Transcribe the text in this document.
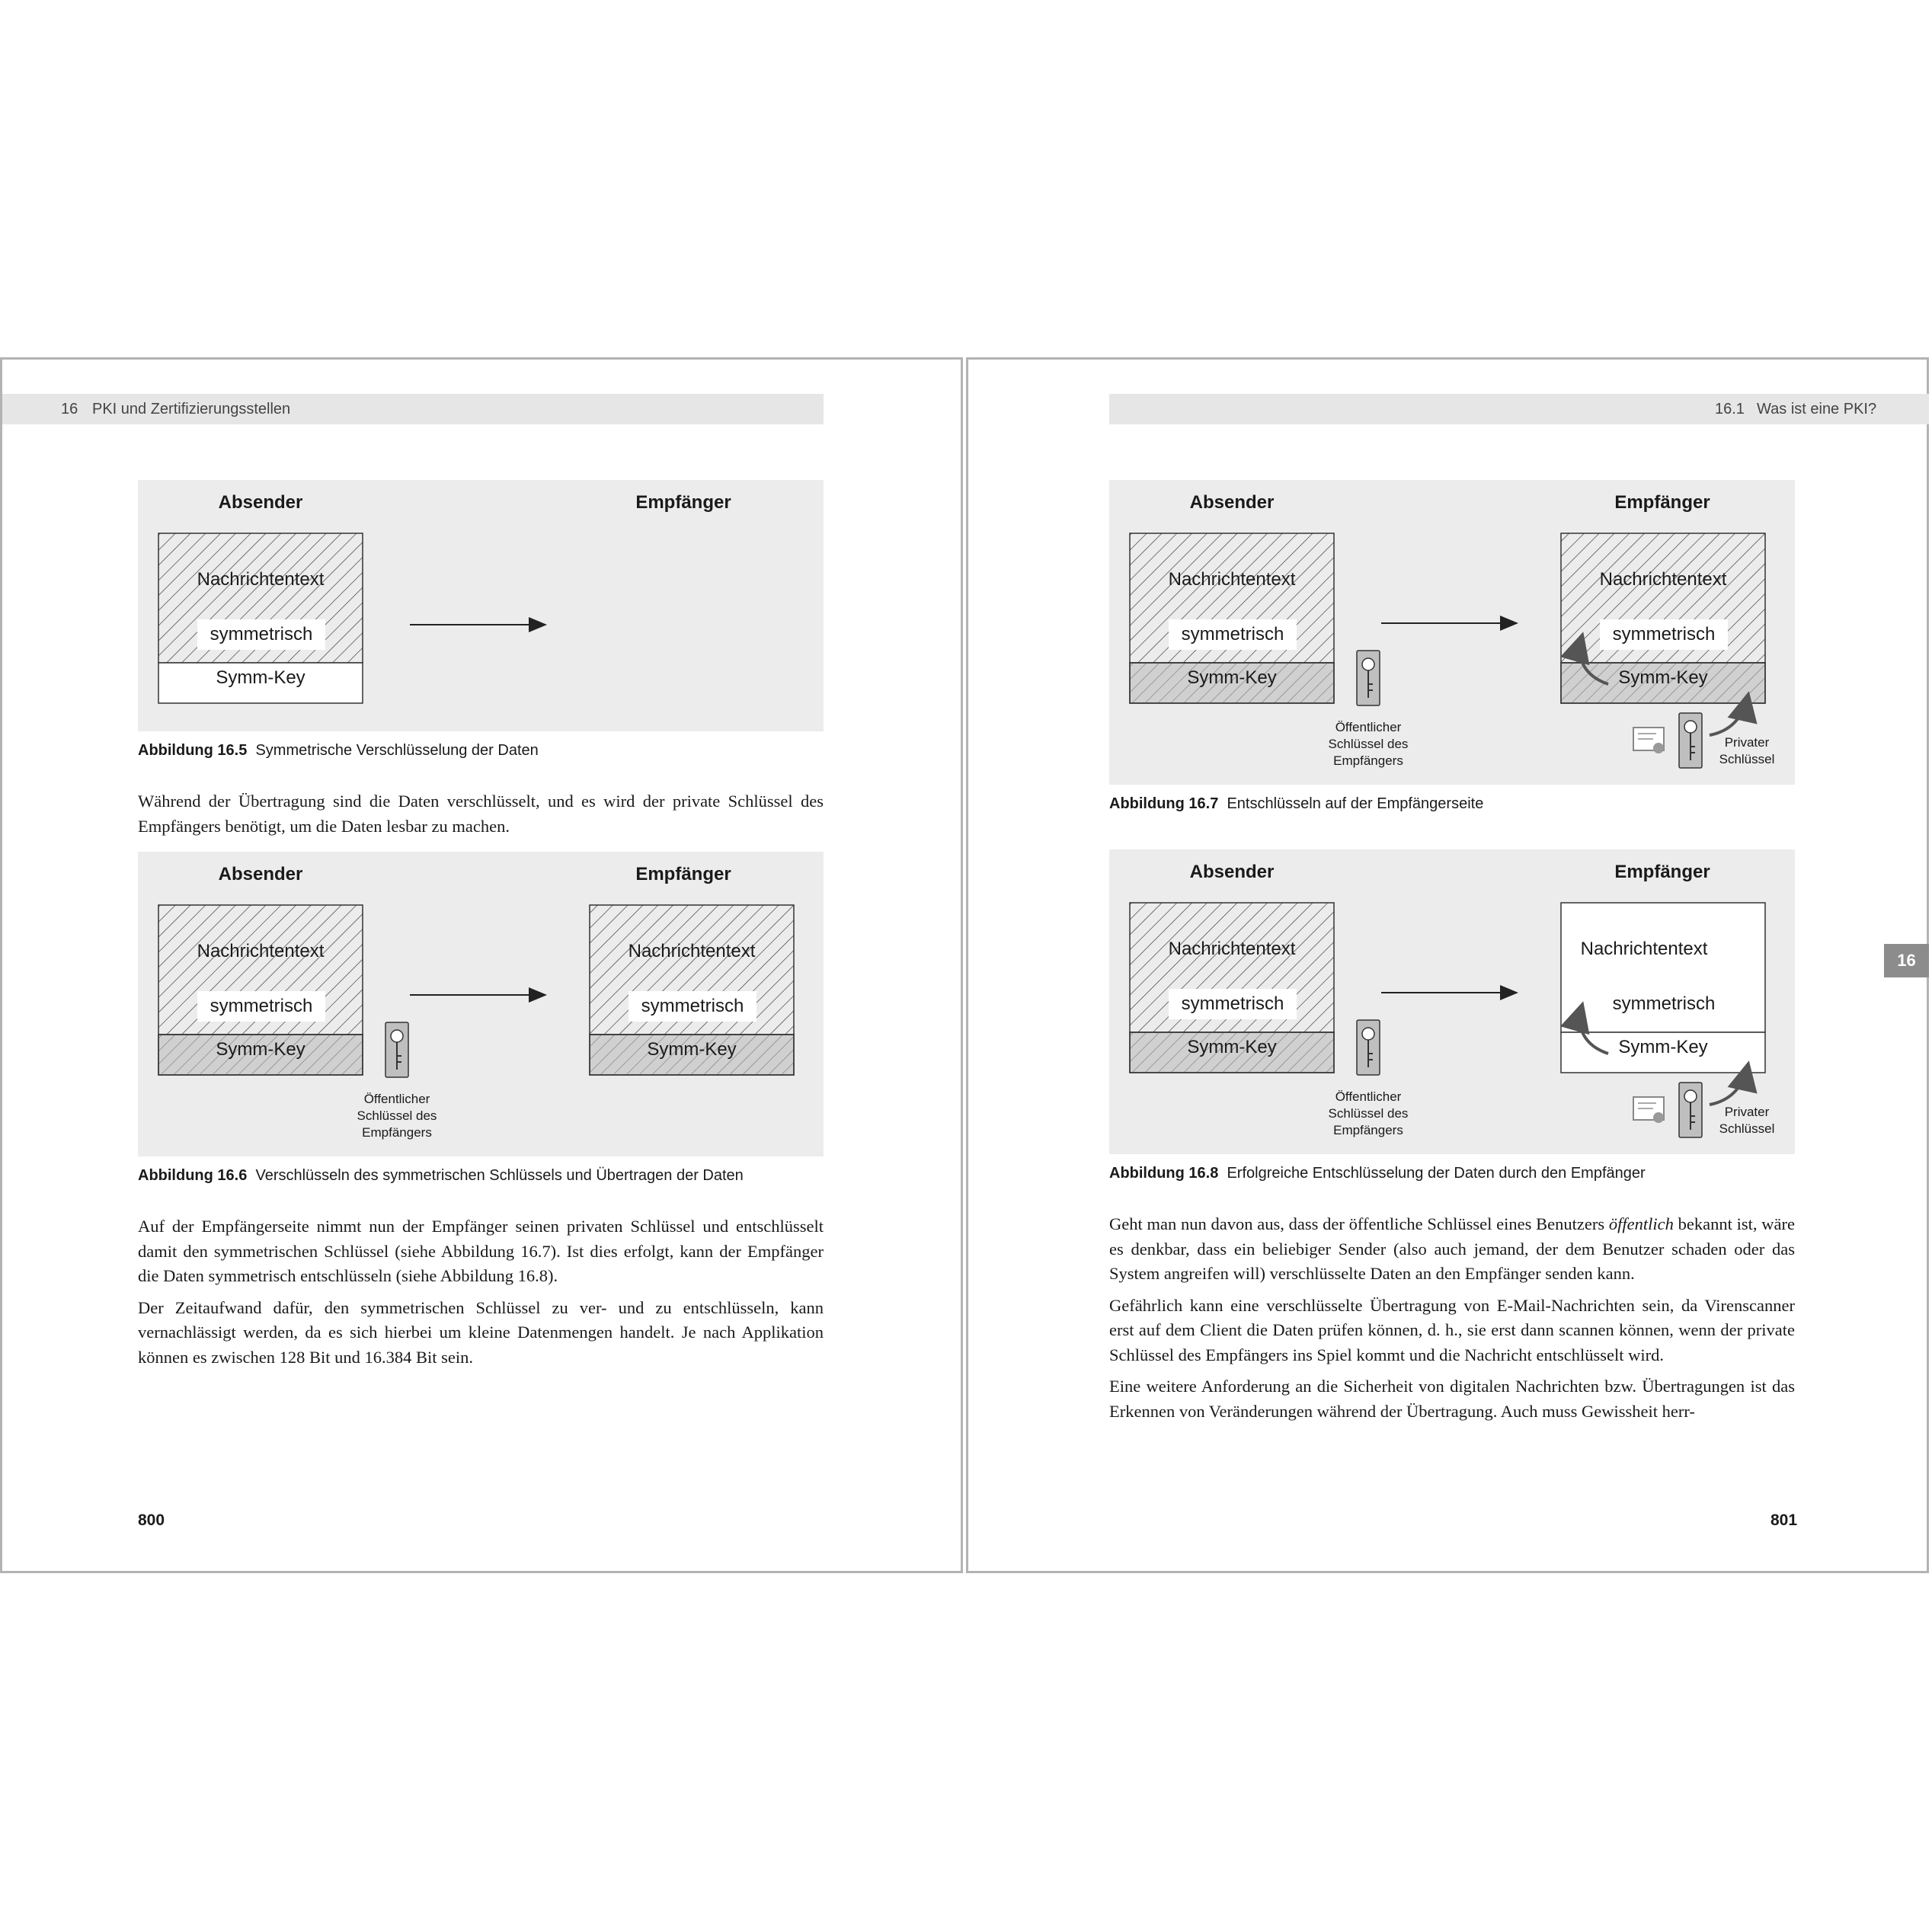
16 PKI und Zertifizierungsstellen
Absender	Empfänger
Nachrichtentext
symmetrisch
Symm-Key
Abbildung 16.5 Symmetrische Verschlüsselung der Daten

Während der Übertragung sind die Daten verschlüsselt, und es wird der private Schlüssel des Empfängers benötigt, um die Daten lesbar zu machen.

Absender	Empfänger
Nachrichtentext
symmetrisch
Symm-Key
Nachrichtentext
symmetrisch
Symm-Key
Öffentlicher
Schlüssel des
Empfängers
Abbildung 16.6 Verschlüsseln des symmetrischen Schlüssels und Übertragen der Daten

Auf der Empfängerseite nimmt nun der Empfänger seinen privaten Schlüssel und entschlüsselt damit den symmetrischen Schlüssel (siehe Abbildung 16.7). Ist dies erfolgt, kann der Empfänger die Daten symmetrisch entschlüsseln (siehe Abbildung 16.8).

Der Zeitaufwand dafür, den symmetrischen Schlüssel zu ver- und zu entschlüsseln, kann vernachlässigt werden, da es sich hierbei um kleine Datenmengen handelt. Je nach Applikation können es zwischen 128 Bit und 16.384 Bit sein.

800
16.1 Was ist eine PKI?
Absender	Empfänger
Nachrichtentext
symmetrisch
Symm-Key
Nachrichtentext
symmetrisch
Symm-Key
Öffentlicher
Schlüssel des
Empfängers
Privater
Schlüssel
Abbildung 16.7 Entschlüsseln auf der Empfängerseite
Absender	Empfänger
Nachrichtentext
symmetrisch
Symm-Key
Nachrichtentext
symmetrisch
Symm-Key
Öffentlicher
Schlüssel des
Empfängers
Privater
Schlüssel
Abbildung 16.8 Erfolgreiche Entschlüsselung der Daten durch den Empfänger

Geht man nun davon aus, dass der öffentliche Schlüssel eines Benutzers öffentlich bekannt ist, wäre es denkbar, dass ein beliebiger Sender (also auch jemand, der dem Benutzer schaden oder das System angreifen will) verschlüsselte Daten an den Empfänger senden kann.

Gefährlich kann eine verschlüsselte Übertragung von E-Mail-Nachrichten sein, da Virenscanner erst auf dem Client die Daten prüfen können, d. h., sie erst dann scannen können, wenn der private Schlüssel des Empfängers ins Spiel kommt und die Nachricht entschlüsselt wird.

Eine weitere Anforderung an die Sicherheit von digitalen Nachrichten bzw. Übertragungen ist das Erkennen von Veränderungen während der Übertragung. Auch muss Gewissheit herr-

801
16
